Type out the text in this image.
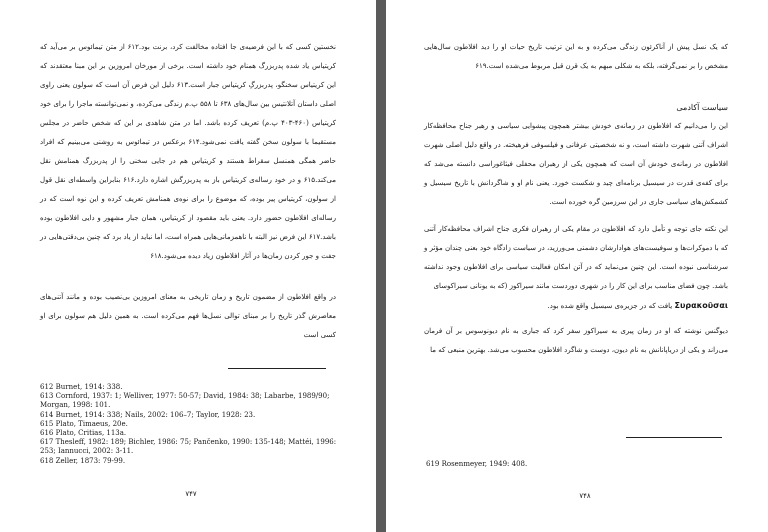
نخستین کسی که با این فرضیه‌ی جا افتاده مخالفت کرد، برنت بود.۶۱۲ از متن تیمائوس بر می‌آید که کریتیاس یاد شده پدربزرگ همنام خود داشته است. برخی از مورخان امروزین بر این مبنا معتقدند که این کریتیاس سخنگو، پدربزرگِ کریتیاس جبار است.۶۱۳ دلیل این فرض آن است که سولون یعنی راوی اصلی داستان آتلانتیس بین سال‌های ۶۳۸ تا ۵۵۸ پ.م زندگی می‌کرده، و نمی‌توانسته ماجرا را برای خود کریتیاس (۴۶۰-۴۰۳ پ.م) تعریف کرده باشد. اما در متن شاهدی بر این که شخص حاضر در مجلس مستقیما با سولون سخن گفته یافت نمی‌شود.۶۱۴ برعکس در تیمائوس به روشنی می‌بینیم که افراد حاضر همگی همنسل سقراط هستند و کریتیاس هم در جایی سخنی را از پدربزرگ همنامش نقل می‌کند.۶۱۵ و در خود رساله‌ی کریتیاس باز به پدربزرگش اشاره دارد.۶۱۶ بنابراین واسطه‌ای نقل قول از سولون، کریتیاس پیر بوده، که موضوع را برای نوه‌ی همنامش تعریف کرده و این نوه است که در رساله‌ای افلاطون حضور دارد. یعنی باید مقصود از کریتیاس، همان جبار مشهور و دایی افلاطون بوده باشد.۶۱۷ این فرض نیز البته با ناهمزمانی‌هایی همراه است، اما نباید از یاد برد که چنین بی‌دقتی‌هایی در جفت و جور کردن زمان‌ها در آثار افلاطون زیاد دیده می‌شود.۶۱۸

در واقع افلاطون از مضمون تاریخ و زمان تاریخی به معنای امروزین بی‌نصیب بوده و مانند آتنی‌های معاصرش گذر تاریخ را بر مبنای توالی نسل‌ها فهم می‌کرده است. به همین دلیل هم سولون برای او کسی است

612 Burnet, 1914: 338.
613 Cornford, 1937: 1; Welliver, 1977: 50-57; David, 1984: 38; Labarbe, 1989/90; Morgan, 1998: 101.
614 Burnet, 1914: 338; Nails, 2002: 106–7; Taylor, 1928: 23.
615 Plato, Timaeus, 20e.
616 Plato, Critias, 113a.
617 Thesleff, 1982: 189; Bichler, 1986: 75; Pančenko, 1990: 135-148; Mattéi, 1996: 253; Iannucci, 2002: 3-11.
618 Zeller, 1873: 79-99.
۷۴۷

که یک نسل پیش از آناکرئون زندگی می‌کرده و به این ترتیب تاریخ حیات او را دید افلاطون سال‌هایی مشخص را بر نمی‌گرفته، بلکه به شکلی مبهم به یک قرن قبل مربوط می‌شده است.۶۱۹

سیاست آکادمی

این را می‌دانیم که افلاطون در زمانه‌ی خودش بیشتر همچون پیشوایی سیاسی و رهبر جناح محافظه‌کار اشراف آتنی شهرت داشته است، و نه شخصیتی عرفانی و فیلسوفی فرهیخته. در واقع دلیل اصلی شهرت افلاطون در زمانه‌ی خودش آن است که همچون یکی از رهبران محفلی فیثاغوراسی دانسته می‌شد که برای کفه‌ی قدرت در سیسیل برنامه‌ای چید و شکست خورد. یعنی نام او و شاگردانش با تاریخ سیسیل و کشمکش‌های سیاسی جاری در این سرزمین گره خورده است.

این نکته جای توجه و تأمل دارد که افلاطون در مقام یکی از رهبران فکری جناح اشراف محافظه‌کار آتنی که با دموکرات‌ها و سوفیست‌های هوادارشان دشمنی می‌ورزید، در سیاست زادگاه خود بعنی چندان مؤثر و سرشناسی نبوده است. این چنین می‌نماید که در آتن امکان فعالیت سیاسی برای افلاطون وجود نداشته باشد. چون فضای مناسب برای این کار را در شهری دوردست مانند سیراکوز (که به یونانی سیراکوسای

Συρακοῦσαι یافت که در جزیره‌ی سیسیل واقع شده بود.

دیوگنس نوشته که او در زمان پیری به سیراکوز سفر کرد که جباری به نام دیونوسوس بر آن فرمان می‌راند و یکی از دریاپانانش به نام دیون، دوست و شاگرد افلاطون محسوب می‌شد. بهترین منبعی که ما

619 Rosenmeyer, 1949: 408.
۷۴۸
